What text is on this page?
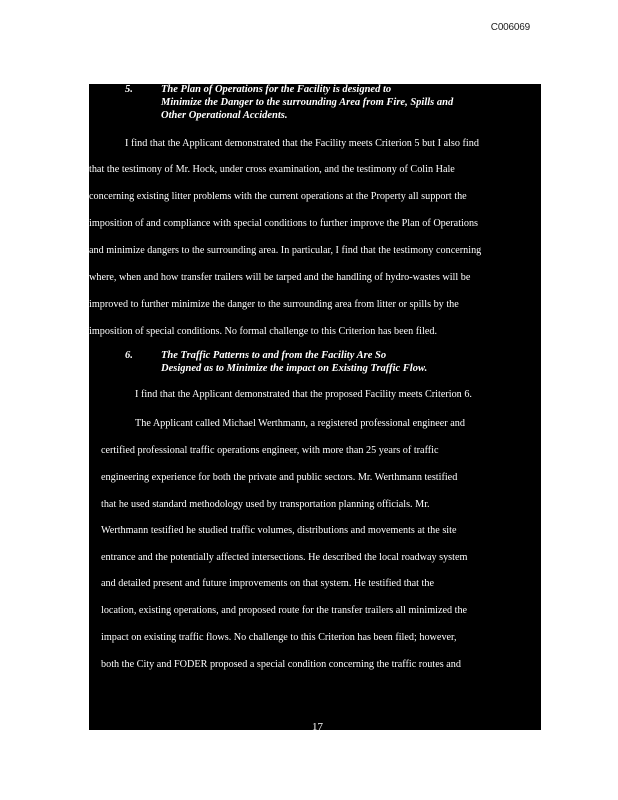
C006069
5.	The Plan of Operations for the Facility is designed to
Minimize the Danger to the surrounding Area from Fire, Spills and
Other Operational Accidents.
I find that the Applicant demonstrated that the Facility meets Criterion 5 but I also find
that the testimony of Mr. Hock, under cross examination, and the testimony of Colin Hale
concerning existing litter problems with the current operations at the Property all support the
imposition of and compliance with special conditions to further improve the Plan of Operations
and minimize dangers to the surrounding area. In particular, I find that the testimony concerning
where, when and how transfer trailers will be tarped and the handling of hydro-wastes will be
improved to further minimize the danger to the surrounding area from litter or spills by the
imposition of special conditions. No formal challenge to this Criterion has been filed.
6.	The Traffic Patterns to and from the Facility Are So
Designed as to Minimize the impact on Existing Traffic Flow.
I find that the Applicant demonstrated that the proposed Facility meets Criterion 6.
The Applicant called Michael Werthmann, a registered professional engineer and
certified professional traffic operations engineer, with more than 25 years of traffic
engineering experience for both the private and public sectors. Mr. Werthmann testified
that he used standard methodology used by transportation planning officials. Mr.
Werthmann testified he studied traffic volumes, distributions and movements at the site
entrance and the potentially affected intersections. He described the local roadway system
and detailed present and future improvements on that system. He testified that the
location, existing operations, and proposed route for the transfer trailers all minimized the
impact on existing traffic flows. No challenge to this Criterion has been filed; however,
both the City and FODER proposed a special condition concerning the traffic routes and
17
